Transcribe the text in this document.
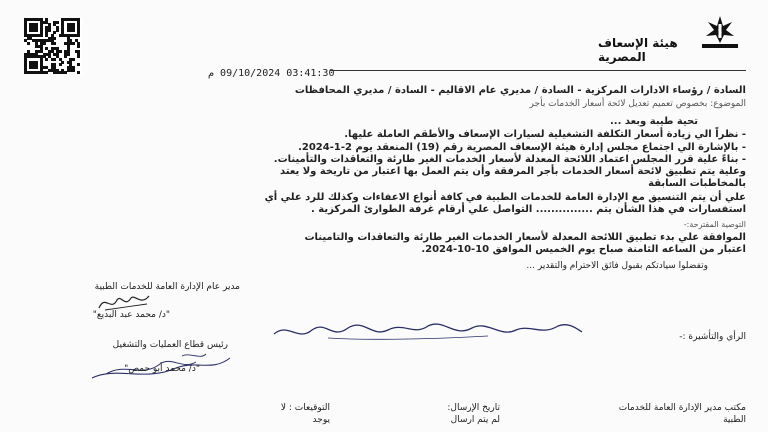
هيئة الإسعاف المصرية
03:41:30 09/10/2024 م
السادة / رؤساء الادارات المركزية - السادة / مديري عام الاقاليم - السادة / مديري المحافظات
الموضوع: بخصوص تعميم تعديل لائحة أسعار الخدمات بأجر
تحية طيبة وبعد ...
- نظراً الي زيادة أسعار التكلفة التشغيلية لسيارات الإسعاف والأطقم العاملة عليها.
- بالإشارة الي اجتماع مجلس إدارة هيئة الإسعاف المصرية رقم (19) المنعقد يوم 2-1-2024.
- بناءً علية قرر المجلس اعتماد اللائحة المعدلة لأسعار الخدمات الغير طارئة والتعاقدات والتأمينات.
وعلية يتم تطبيق لائحة أسعار الخدمات بأجر المرفقة وأن يتم العمل بها اعتبار من تاريخة ولا يعتد
بالمخاطبات السابقة
علي أن يتم التنسيق مع الإدارة العامة للخدمات الطبية في كافة أنواع الاعفاءات وكذلك للرد علي أي
استفسارات في هذا الشأن يتم ............... التواصل علي أرقام غرفة الطوارئ المركزية .
التوصية المقترحة:-
الموافقة علي بدء تطبيق اللائحة المعدلة لأسعار الخدمات الغير طارئة والتعاقدات والتامينات
اعتبار من الساعه الثامنة صباح يوم الخميس الموافق 10-10-2024.
وتفضلوا سيادتكم بقبول فائق الاحترام والتقدير ...
مدير عام الإدارة العامة للخدمات الطبية
"د/ محمد عبد البديع"
الرأي والتأشيرة :-
رئيس قطاع العمليات والتشغيل
"د/ محمد أبو حمص"
مكتب مدير الإدارة العامة للخدمات
الطبية
تاريخ الإرسال:
لم يتم ارسال
التوقيعات : لا
يوجد
